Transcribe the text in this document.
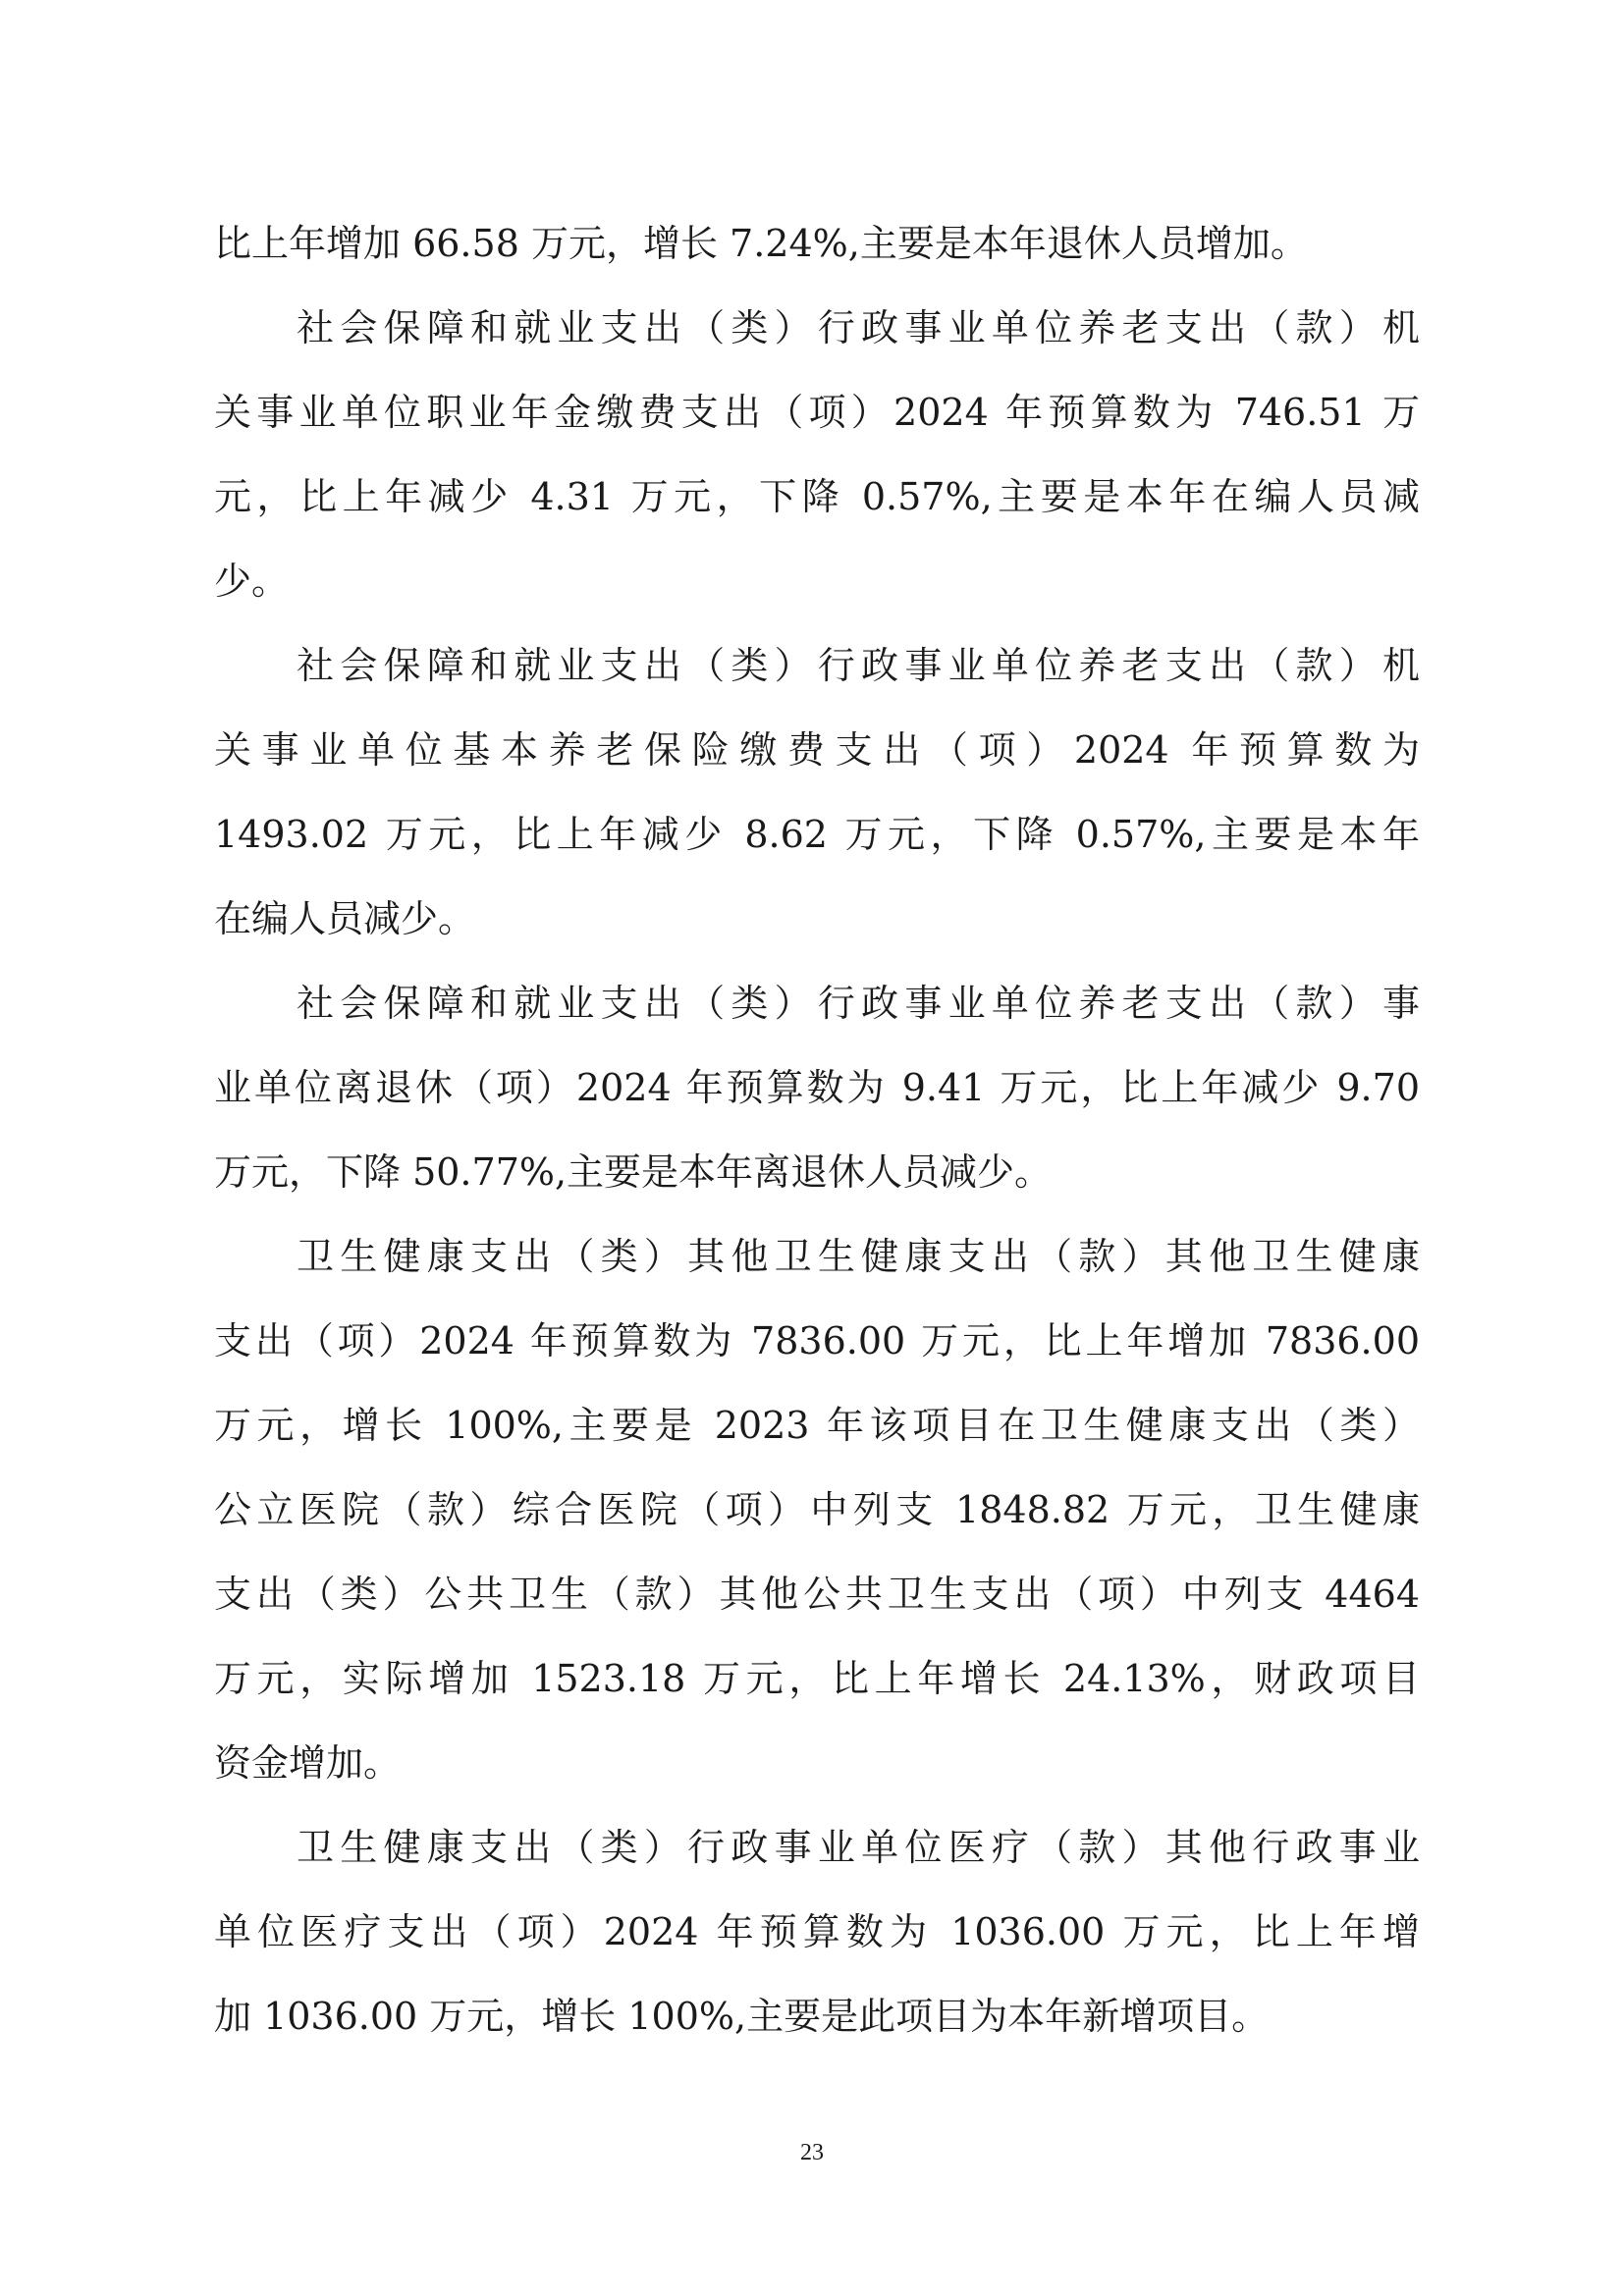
比上年增加 66.58 万元，增长 7.24%,主要是本年退休人员增加。
社会保障和就业支出（类）行政事业单位养老支出（款）机
关事业单位职业年金缴费支出（项）2024 年预算数为 746.51 万
元，比上年减少 4.31 万元，下降 0.57%,主要是本年在编人员减
少。
社会保障和就业支出（类）行政事业单位养老支出（款）机
关事业单位基本养老保险缴费支出（项）2024 年预算数为
1493.02 万元，比上年减少 8.62 万元，下降 0.57%,主要是本年
在编人员减少。
社会保障和就业支出（类）行政事业单位养老支出（款）事
业单位离退休（项）2024 年预算数为 9.41 万元，比上年减少 9.70
万元，下降 50.77%,主要是本年离退休人员减少。
卫生健康支出（类）其他卫生健康支出（款）其他卫生健康
支出（项）2024 年预算数为 7836.00 万元，比上年增加 7836.00
万元，增长 100%,主要是 2023 年该项目在卫生健康支出（类）
公立医院（款）综合医院（项）中列支 1848.82 万元，卫生健康
支出（类）公共卫生（款）其他公共卫生支出（项）中列支 4464
万元，实际增加 1523.18 万元，比上年增长 24.13%，财政项目
资金增加。
卫生健康支出（类）行政事业单位医疗（款）其他行政事业
单位医疗支出（项）2024 年预算数为 1036.00 万元，比上年增
加 1036.00 万元，增长 100%,主要是此项目为本年新增项目。
23
